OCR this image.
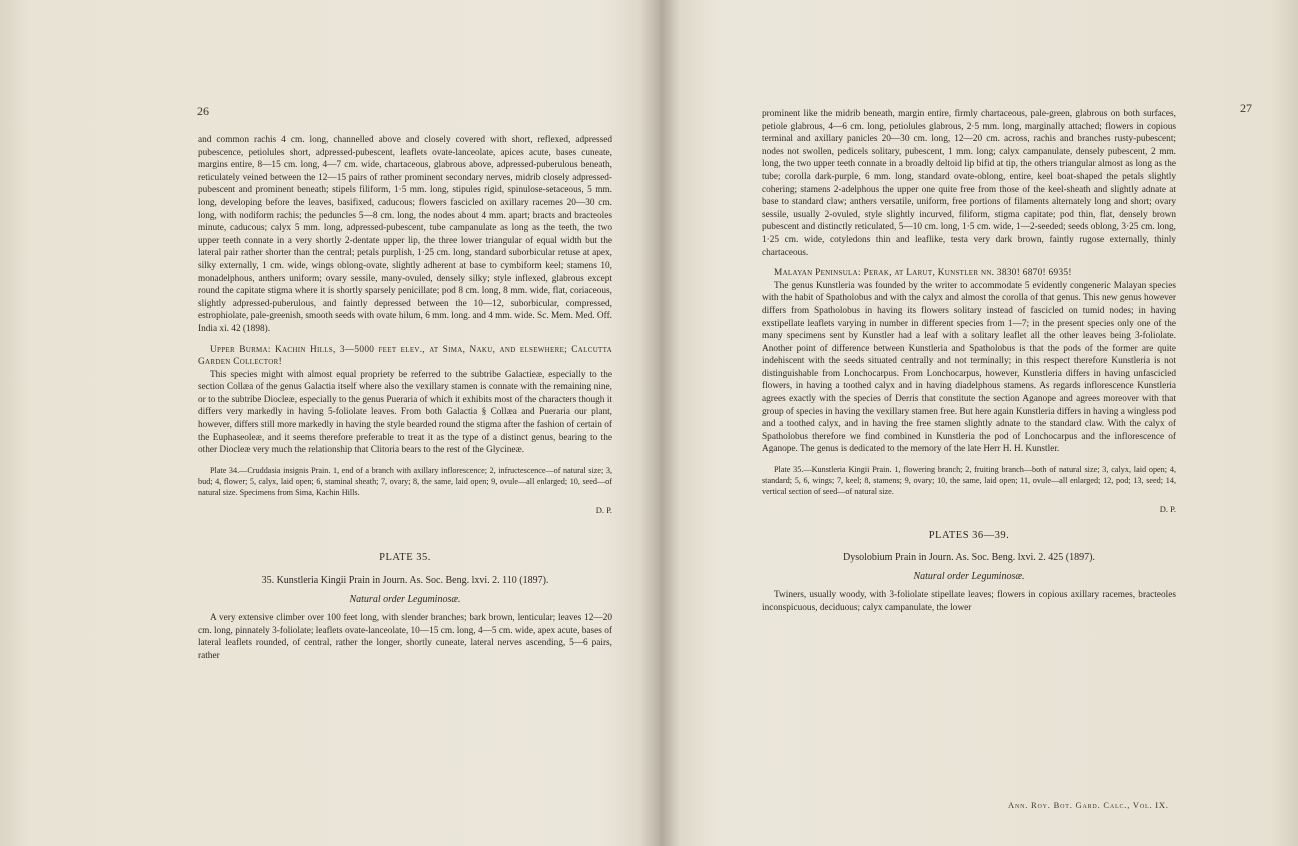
26

and common rachis 4 cm. long, channelled above and closely covered with short, reflexed, adpressed pubescence, petiolules short, adpressed-pubescent, leaflets ovate-lanceolate, apices acute, bases cuneate, margins entire, 8—15 cm. long, 4—7 cm. wide, chartaceous, glabrous above, adpressed-puberulous beneath, reticulately veined between the 12—15 pairs of rather prominent secondary nerves, midrib closely adpressed-pubescent and prominent beneath; stipels filiform, 1·5 mm. long, stipules rigid, spinulose-setaceous, 5 mm. long, developing before the leaves, basifixed, caducous; flowers fascicled on axillary racemes 20—30 cm. long, with nodiform rachis; the peduncles 5—8 cm. long, the nodes about 4 mm. apart; bracts and bracteoles minute, caducous; calyx 5 mm. long, adpressed-pubescent, tube campanulate as long as the teeth, the two upper teeth connate in a very shortly 2-dentate upper lip, the three lower triangular of equal width but the lateral pair rather shorter than the central; petals purplish, 1·25 cm. long, standard suborbicular retuse at apex, silky externally, 1 cm. wide, wings oblong-ovate, slightly adherent at base to cymbiform keel; stamens 10, monadelphous, anthers uniform; ovary sessile, many-ovuled, densely silky; style inflexed, glabrous except round the capitate stigma where it is shortly sparsely penicillate; pod 8 cm. long, 8 mm. wide, flat, coriaceous, slightly adpressed-puberulous, and faintly depressed between the 10—12, suborbicular, compressed, estrophiolate, pale-greenish, smooth seeds with ovate hilum, 6 mm. long. and 4 mm. wide. Sc. Mem. Med. Off. India xi. 42 (1898).

Upper Burma: Kachin Hills, 3—5000 feet elev., at Sima, Naku, and elsewhere; Calcutta Garden Collector!

This species might with almost equal propriety be referred to the subtribe Galactieæ, especially to the section Collæa of the genus Galactia itself where also the vexillary stamen is connate with the remaining nine, or to the subtribe Diocleæ, especially to the genus Pueraria of which it exhibits most of the characters though it differs very markedly in having 5-foliolate leaves. From both Galactia § Collæa and Pueraria our plant, however, differs still more markedly in having the style bearded round the stigma after the fashion of certain of the Euphaseoleæ, and it seems therefore preferable to treat it as the type of a distinct genus, bearing to the other Diocleæ very much the relationship that Clitoria bears to the rest of the Glycineæ.

Plate 34.—Cruddasia insignis Prain. 1, end of a branch with axillary inflorescence; 2, infructescence—of natural size; 3, bud; 4, flower; 5, calyx, laid open; 6, staminal sheath; 7, ovary; 8, the same, laid open; 9, ovule—all enlarged; 10, seed—of natural size. Specimens from Sima, Kachin Hills.

D. P.
PLATE 35.
35. Kunstleria Kingii Prain in Journ. As. Soc. Beng. lxvi. 2. 110 (1897).
Natural order Leguminosæ.

A very extensive climber over 100 feet long, with slender branches; bark brown, lenticular; leaves 12—20 cm. long, pinnately 3-foliolate; leaflets ovate-lanceolate, 10—15 cm. long, 4—5 cm. wide, apex acute, bases of lateral leaflets rounded, of central, rather the longer, shortly cuneate, lateral nerves ascending, 5—6 pairs, rather

27

prominent like the midrib beneath, margin entire, firmly chartaceous, pale-green, glabrous on both surfaces, petiole glabrous, 4—6 cm. long, petiolules glabrous, 2·5 mm. long, marginally attached; flowers in copious terminal and axillary panicles 20—30 cm. long, 12—20 cm. across, rachis and branches rusty-pubescent; nodes not swollen, pedicels solitary, pubescent, 1 mm. long; calyx campanulate, densely pubescent, 2 mm. long, the two upper teeth connate in a broadly deltoid lip bifid at tip, the others triangular almost as long as the tube; corolla dark-purple, 6 mm. long, standard ovate-oblong, entire, keel boat-shaped the petals slightly cohering; stamens 2-adelphous the upper one quite free from those of the keel-sheath and slightly adnate at base to standard claw; anthers versatile, uniform, free portions of filaments alternately long and short; ovary sessile, usually 2-ovuled, style slightly incurved, filiform, stigma capitate; pod thin, flat, densely brown pubescent and distinctly reticulated, 5—10 cm. long, 1·5 cm. wide, 1—2-seeded; seeds oblong, 3·25 cm. long, 1·25 cm. wide, cotyledons thin and leaflike, testa very dark brown, faintly rugose externally, thinly chartaceous.

Malayan Peninsula: Perak, at Larut, Kunstler nn. 3830! 6870! 6935!

The genus Kunstleria was founded by the writer to accommodate 5 evidently congeneric Malayan species with the habit of Spatholobus and with the calyx and almost the corolla of that genus. This new genus however differs from Spatholobus in having its flowers solitary instead of fascicled on tumid nodes; in having exstipellate leaflets varying in number in different species from 1—7; in the present species only one of the many specimens sent by Kunstler had a leaf with a solitary leaflet all the other leaves being 3-foliolate. Another point of difference between Kunstleria and Spatholobus is that the pods of the former are quite indehiscent with the seeds situated centrally and not terminally; in this respect therefore Kunstleria is not distinguishable from Lonchocarpus. From Lonchocarpus, however, Kunstleria differs in having unfascicled flowers, in having a toothed calyx and in having diadelphous stamens. As regards inflorescence Kunstleria agrees exactly with the species of Derris that constitute the section Aganope and agrees moreover with that group of species in having the vexillary stamen free. But here again Kunstleria differs in having a wingless pod and a toothed calyx, and in having the free stamen slightly adnate to the standard claw. With the calyx of Spatholobus therefore we find combined in Kunstleria the pod of Lonchocarpus and the inflorescence of Aganope. The genus is dedicated to the memory of the late Herr H. H. Kunstler.

Plate 35.—Kunstleria Kingii Prain. 1, flowering branch; 2, fruiting branch—both of natural size; 3, calyx, laid open; 4, standard; 5, 6, wings; 7, keel; 8, stamens; 9, ovary; 10, the same, laid open; 11, ovule—all enlarged; 12, pod; 13, seed; 14, vertical section of seed—of natural size.

D. P.
PLATES 36—39.
Dysolobium Prain in Journ. As. Soc. Beng. lxvi. 2. 425 (1897).
Natural order Leguminosæ.

Twiners, usually woody, with 3-foliolate stipellate leaves; flowers in copious axillary racemes, bracteoles inconspicuous, deciduous; calyx campanulate, the lower

Ann. Roy. Bot. Gard. Calc., Vol. IX.
